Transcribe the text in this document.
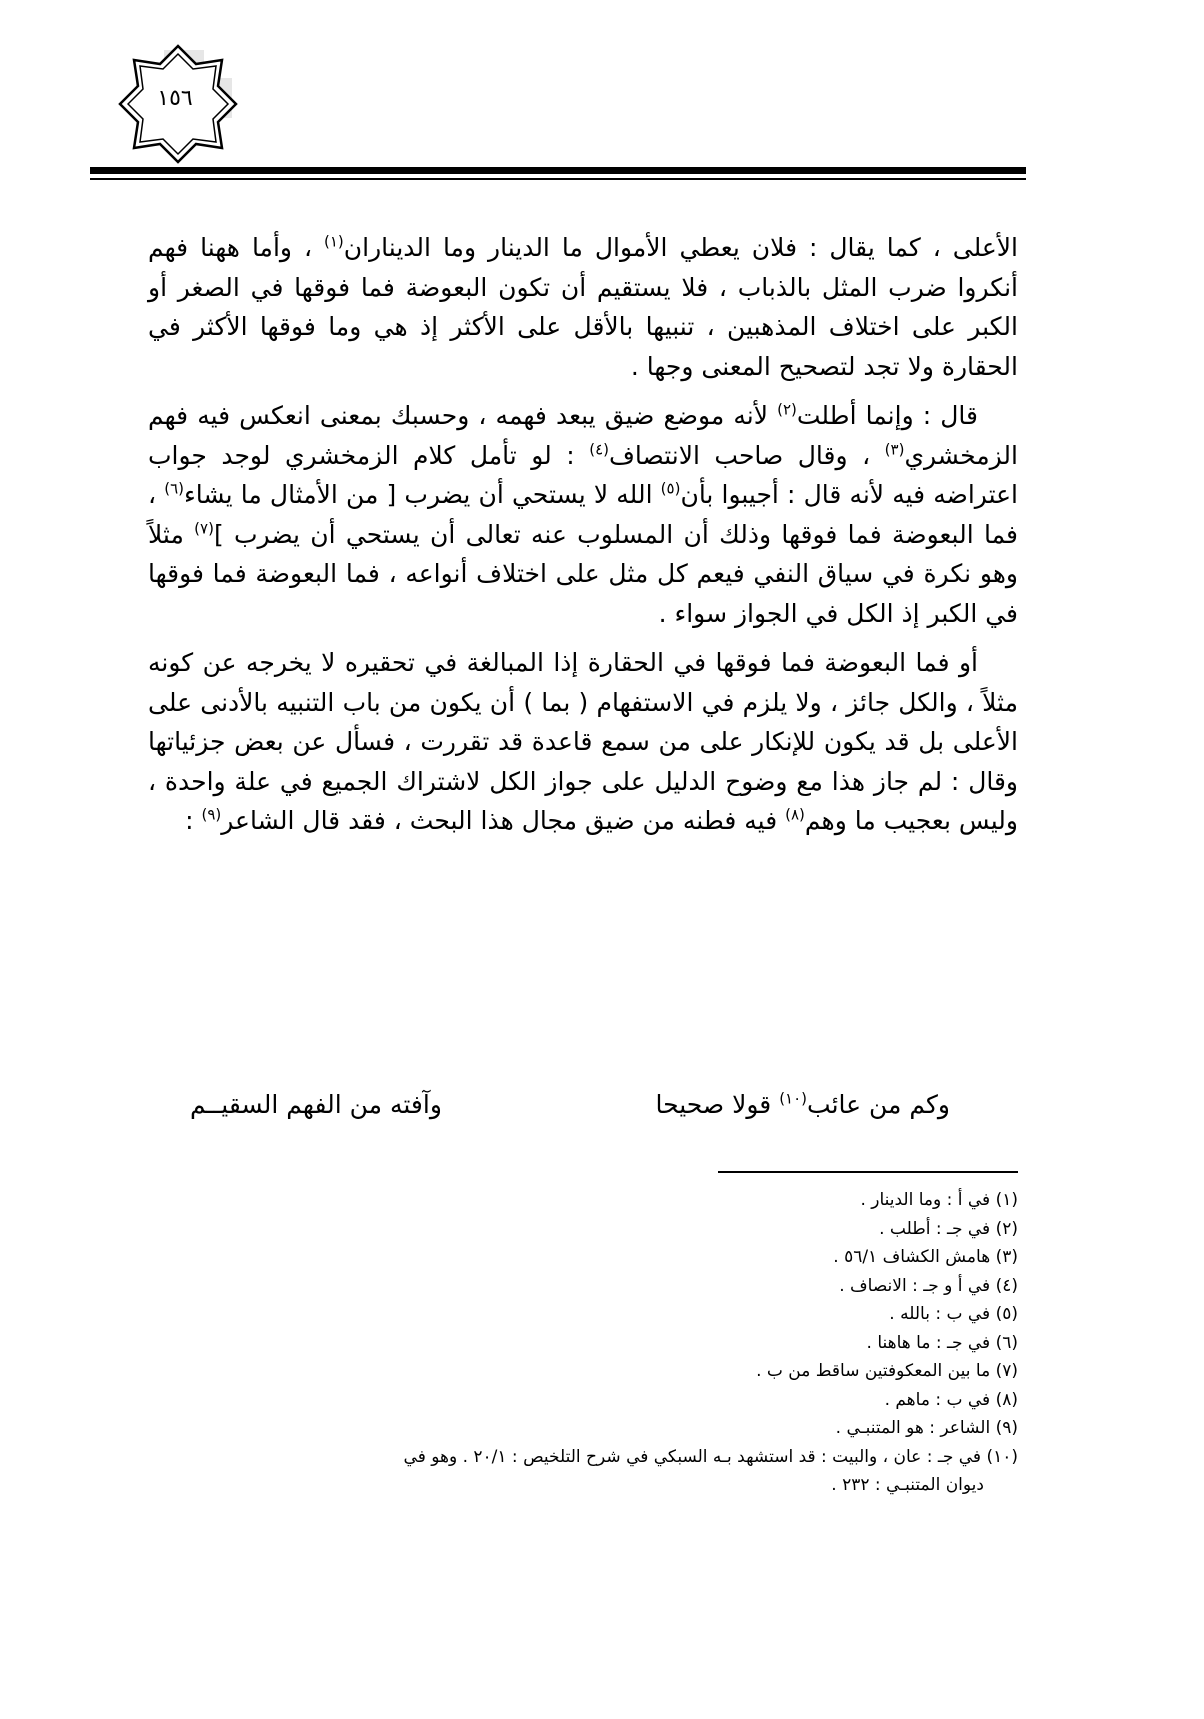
١٥٦

الأعلى ، كما يقال : فلان يعطي الأموال ما الدينار وما الديناران$^{(١)}$ ، وأما ههنا فهم أنكروا ضرب المثل بالذباب ، فلا يستقيم أن تكون البعوضة فما فوقها في الصغر أو الكبر على اختلاف المذهبين ، تنبيها بالأقل على الأكثر إذ هي وما فوقها الأكثر في الحقارة ولا تجد لتصحيح المعنى وجها .

قال : وإنما أطلت$^{(٢)}$ لأنه موضع ضيق يبعد فهمه ، وحسبك بمعنى انعكس فيه فهم الزمخشري$^{(٣)}$ ، وقال صاحب الانتصاف$^{(٤)}$ : لو تأمل كلام الزمخشري لوجد جواب اعتراضه فيه لأنه قال : أجيبوا بأن$^{(٥)}$ الله لا يستحي أن يضرب [ من الأمثال ما يشاء$^{(٦)}$ ، فما البعوضة فما فوقها وذلك أن المسلوب عنه تعالى أن يستحي أن يضرب ]$^{(٧)}$ مثلاً وهو نكرة في سياق النفي فيعم كل مثل على اختلاف أنواعه ، فما البعوضة فما فوقها في الكبر إذ الكل في الجواز سواء .

أو فما البعوضة فما فوقها في الحقارة إذا المبالغة في تحقيره لا يخرجه عن كونه مثلاً ، والكل جائز ، ولا يلزم في الاستفهام ( بما ) أن يكون من باب التنبيه بالأدنى على الأعلى بل قد يكون للإنكار على من سمع قاعدة قد تقررت ، فسأل عن بعض جزئياتها وقال : لم جاز هذا مع وضوح الدليل على جواز الكل لاشتراك الجميع في علة واحدة ، وليس بعجيب ما وهم$^{(٨)}$ فيه فطنه من ضيق مجال هذا البحث ، فقد قال الشاعر$^{(٩)}$ :

وكم من عائب$^{(١٠)}$ قولا صحيحا
وآفته من الفهم السقيــم
(١) في أ : وما الدينار .
(٢) في جـ : أطلب .
(٣) هامش الكشاف ٥٦/١ .
(٤) في أ و جـ : الانصاف .
(٥) في ب : بالله .
(٦) في جـ : ما هاهنا .
(٧) ما بين المعكوفتين ساقط من ب .
(٨) في ب : ماهم .
(٩) الشاعر : هو المتنبـي .
(١٠) في جـ : عان ، والبيت : قد استشهد بـه السبكي في شرح التلخيص : ٢٠/١ . وهو في
ديوان المتنبـي : ٢٣٢ .
